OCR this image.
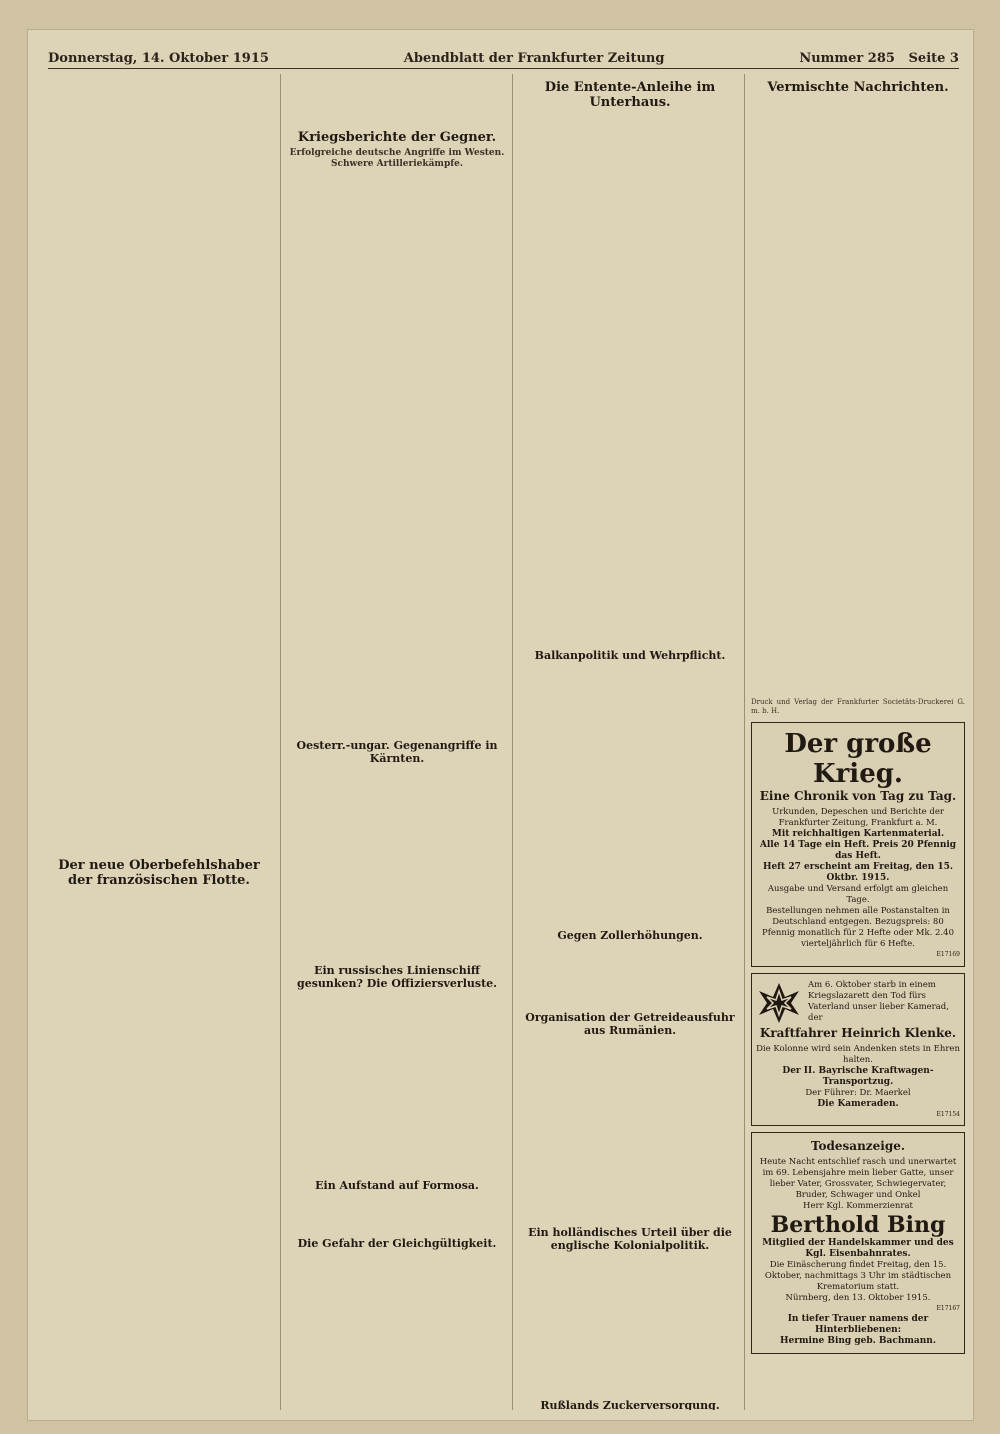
Donnerstag, 14. Oktober 1915	Abendblatt der Frankfurter Zeitung	Nummer 285 Seite 3

Der neue Oberbefehlshaber der französischen Flotte.
Kriegsberichte der Gegner.
Erfolgreiche deutsche Angriffe im Westen. Schwere Artilleriekämpfe.
Oesterr.-ungar. Gegenangriffe in Kärnten.
Ein russisches Linienschiff gesunken? Die Offiziersverluste.
Ein Aufstand auf Formosa.
Die Gefahr der Gleichgültigkeit.
Die Entente-Anleihe im Unterhaus.
Balkanpolitik und Wehrpflicht.
Gegen Zollerhöhungen.
Organisation der Getreideausfuhr aus Rumänien.
Ein holländisches Urteil über die englische Kolonialpolitik.
Rußlands Zuckerversorgung.
Vermischte Nachrichten.
Druck und Verlag der Frankfurter Societäts-Druckerei G. m. b. H.
Der große Krieg.
Eine Chronik von Tag zu Tag.
Urkunden, Depeschen und Berichte der Frankfurter Zeitung, Frankfurt a. M.
Mit reichhaltigen Kartenmaterial.
Alle 14 Tage ein Heft. Preis 20 Pfennig das Heft.
Heft 27 erscheint am Freitag, den 15. Oktbr. 1915.
Ausgabe und Versand erfolgt am gleichen Tage.
Bestellungen nehmen alle Postanstalten in Deutschland entgegen. Bezugspreis: 80 Pfennig monatlich für 2 Hefte oder Mk. 2.40 vierteljährlich für 6 Hefte.
E17169
Am 6. Oktober starb in einem Kriegslazarett den Tod fürs Vaterland unser lieber Kamerad, der
Kraftfahrer Heinrich Klenke.
Die Kolonne wird sein Andenken stets in Ehren halten.
Der II. Bayrische Kraftwagen-Transportzug.
Der Führer: Dr. Maerkel
Die Kameraden.
E17154
Todesanzeige.
Heute Nacht entschlief rasch und unerwartet im 69. Lebensjahre mein lieber Gatte, unser lieber Vater, Grossvater, Schwiegervater, Bruder, Schwager und Onkel
Herr Kgl. Kommerzienrat
Berthold Bing
Mitglied der Handelskammer und des Kgl. Eisenbahnrates.
Die Einäscherung findet Freitag, den 15. Oktober, nachmittags 3 Uhr im städtischen Krematorium statt.
Nürnberg, den 13. Oktober 1915.
E17167
In tiefer Trauer namens der Hinterbliebenen:
Hermine Bing geb. Bachmann.
